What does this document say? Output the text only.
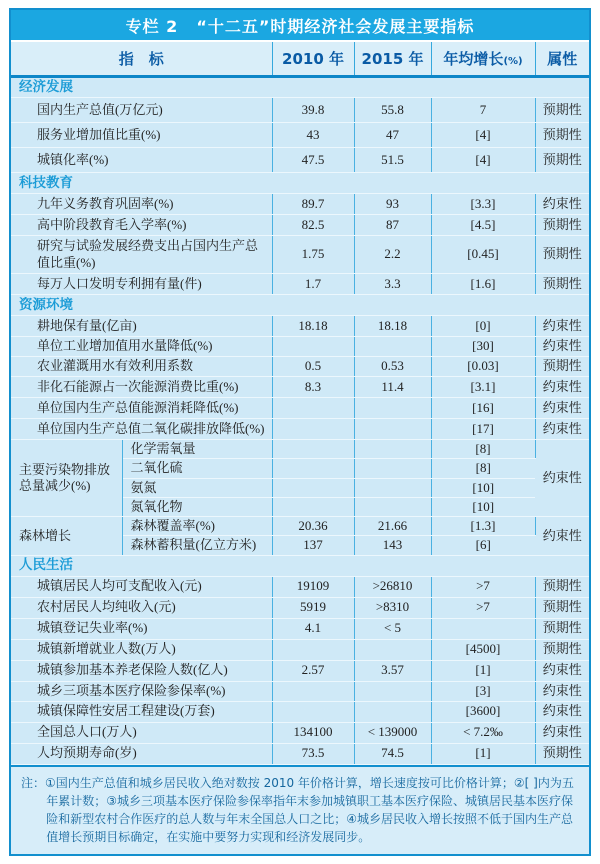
专栏 2 “十二五”时期经济社会发展主要指标
指　标		2010 年	2015 年	年均增长(%)	属性
经济发展					
国内生产总值(万亿元)		39.8	55.8	7	预期性
服务业增加值比重(%)		43	47	[4]	预期性
城镇化率(%)		47.5	51.5	[4]	预期性
科技教育					
九年义务教育巩固率(%)		89.7	93	[3.3]	约束性
高中阶段教育毛入学率(%)		82.5	87	[4.5]	预期性
研究与试验发展经费支出占国内生产总值比重(%)		1.75	2.2	[0.45]	预期性
每万人口发明专利拥有量(件)		1.7	3.3	[1.6]	预期性
资源环境					
耕地保有量(亿亩)		18.18	18.18	[0]	约束性
单位工业增加值用水量降低(%)				[30]	约束性
农业灌溉用水有效利用系数		0.5	0.53	[0.03]	预期性
非化石能源占一次能源消费比重(%)		8.3	11.4	[3.1]	约束性
单位国内生产总值能源消耗降低(%)				[16]	约束性
单位国内生产总值二氧化碳排放降低(%)				[17]	约束性
主要污染物排放总量减少(%)	化学需氧量			[8]	约束性
	二氧化硫			[8]	
	氨氮			[10]	
	氮氧化物			[10]	
森林增长	森林覆盖率(%)	20.36	21.66	[1.3]	约束性
	森林蓄积量(亿立方米)	137	143	[6]	
人民生活					
城镇居民人均可支配收入(元)		19109	>26810	>7	预期性
农村居民人均纯收入(元)		5919	>8310	>7	预期性
城镇登记失业率(%)		4.1	< 5		预期性
城镇新增就业人数(万人)				[4500]	预期性
城镇参加基本养老保险人数(亿人)		2.57	3.57	[1]	约束性
城乡三项基本医疗保险参保率(%)				[3]	约束性
城镇保障性安居工程建设(万套)				[3600]	约束性
全国总人口(万人)		134100	< 139000	< 7.2‰	约束性
人均预期寿命(岁)		73.5	74.5	[1]	预期性

注：①国内生产总值和城乡居民收入绝对数按 2010 年价格计算，增长速度按可比价格计算；②[ ]内为五年累计数；③城乡三项基本医疗保险参保率指年末参加城镇职工基本医疗保险、城镇居民基本医疗保险和新型农村合作医疗的总人数与年末全国总人口之比；④城乡居民收入增长按照不低于国内生产总值增长预期目标确定，在实施中要努力实现和经济发展同步。
